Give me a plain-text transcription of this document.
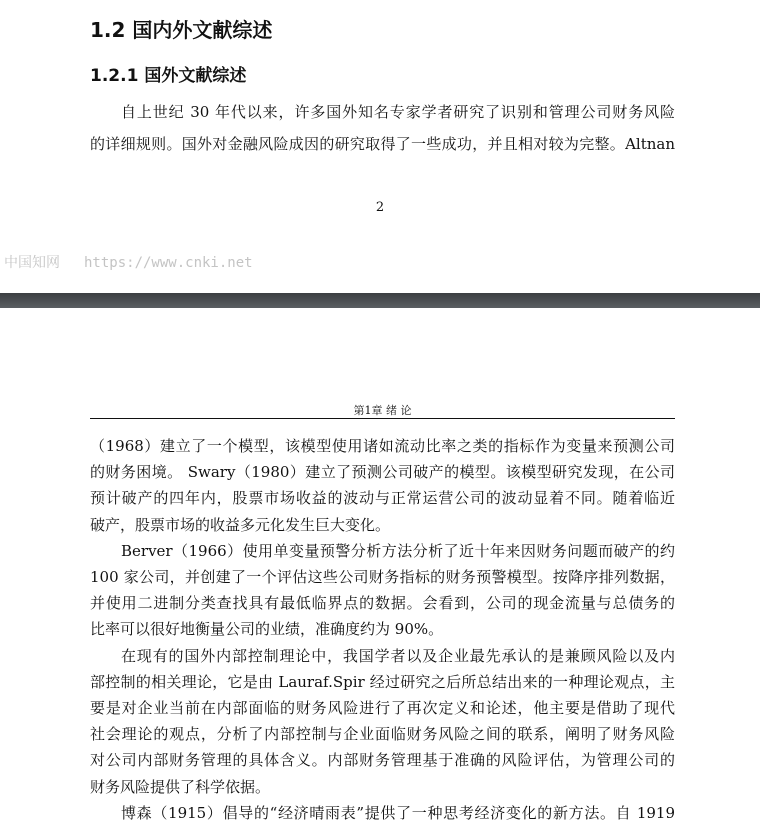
1.2 国内外文献综述
1.2.1 国外文献综述
自上世纪 30 年代以来，许多国外知名专家学者研究了识别和管理公司财务风险
的详细规则。国外对金融风险成因的研究取得了一些成功，并且相对较为完整。Altnan
2
中国知网 https://www.cnki.net
第1章 绪 论
（1968）建立了一个模型，该模型使用诸如流动比率之类的指标作为变量来预测公司
的财务困境。 Swary（1980）建立了预测公司破产的模型。该模型研究发现，在公司
预计破产的四年内，股票市场收益的波动与正常运营公司的波动显着不同。随着临近
破产，股票市场的收益多元化发生巨大变化。
Berver（1966）使用单变量预警分析方法分析了近十年来因财务问题而破产的约
100 家公司，并创建了一个评估这些公司财务指标的财务预警模型。按降序排列数据，
并使用二进制分类查找具有最低临界点的数据。会看到，公司的现金流量与总债务的
比率可以很好地衡量公司的业绩，准确度约为 90%。
在现有的国外内部控制理论中，我国学者以及企业最先承认的是兼顾风险以及内
部控制的相关理论，它是由 Lauraf.Spir 经过研究之后所总结出来的一种理论观点，主
要是对企业当前在内部面临的财务风险进行了再次定义和论述，他主要是借助了现代
社会理论的观点，分析了内部控制与企业面临财务风险之间的联系，阐明了财务风险
对公司内部财务管理的具体含义。内部财务管理基于准确的风险评估，为管理公司的
财务风险提供了科学依据。
博森（1915）倡导的“经济晴雨表”提供了一种思考经济变化的新方法。自 1919
